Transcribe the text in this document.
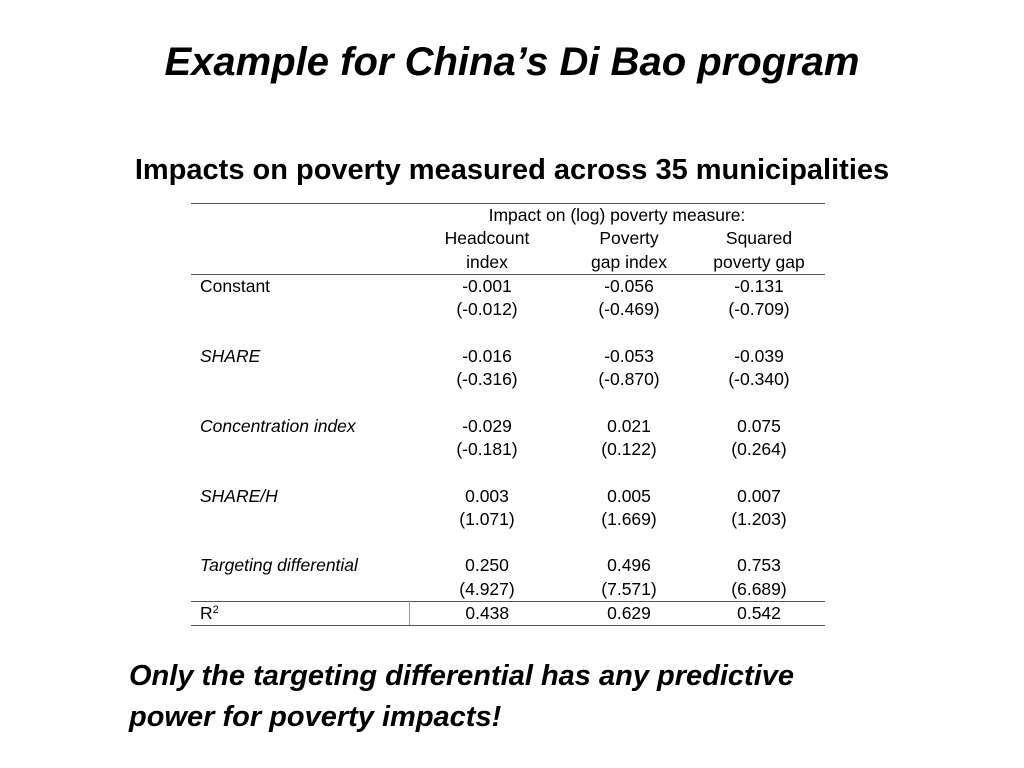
Example for China’s Di Bao program
Impacts on poverty measured across 35 municipalities
	Impact on (log) poverty measure:		
	Headcount	Poverty	Squared
	index	gap index	poverty gap
Constant	-0.001	-0.056	-0.131
	(-0.012)	(-0.469)	(-0.709)

SHARE	-0.016	-0.053	-0.039
	(-0.316)	(-0.870)	(-0.340)

Concentration index	-0.029	0.021	0.075
	(-0.181)	(0.122)	(0.264)

SHARE/H	0.003	0.005	0.007
	(1.071)	(1.669)	(1.203)

Targeting differential	0.250	0.496	0.753
	(4.927)	(7.571)	(6.689)
$R^2$	0.438	0.629	0.542
Only the targeting differential has any predictive
power for poverty impacts!
